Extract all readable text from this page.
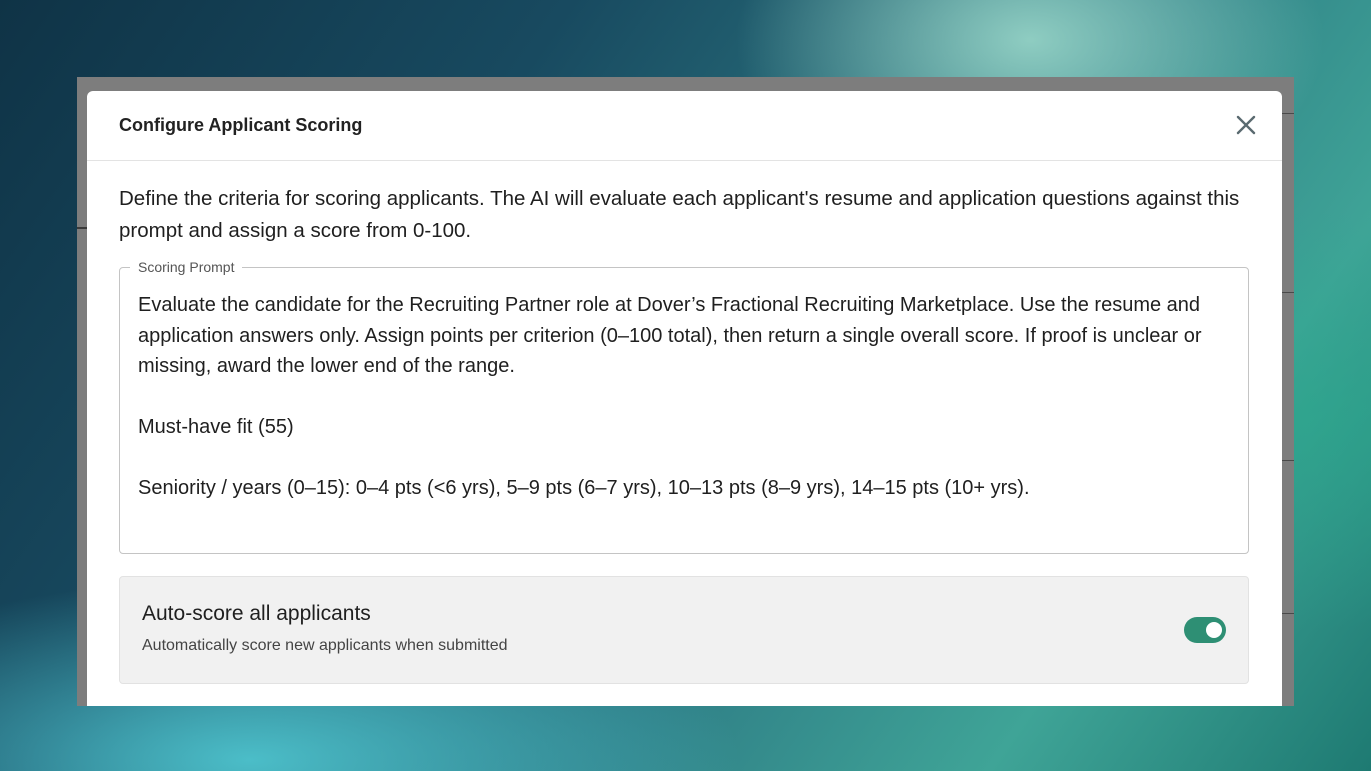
Configure Applicant Scoring
Define the criteria for scoring applicants. The AI will evaluate each applicant's resume and application questions against this prompt and assign a score from 0-100.
Scoring Prompt

Evaluate the candidate for the Recruiting Partner role at Dover’s Fractional Recruiting Marketplace. Use the resume and application answers only. Assign points per criterion (0–100 total), then return a single overall score. If proof is unclear or missing, award the lower end of the range.

Must-have fit (55)

Seniority / years (0–15): 0–4 pts (<6 yrs), 5–9 pts (6–7 yrs), 10–13 pts (8–9 yrs), 14–15 pts (10+ yrs).

Auto-score all applicants
Automatically score new applicants when submitted
